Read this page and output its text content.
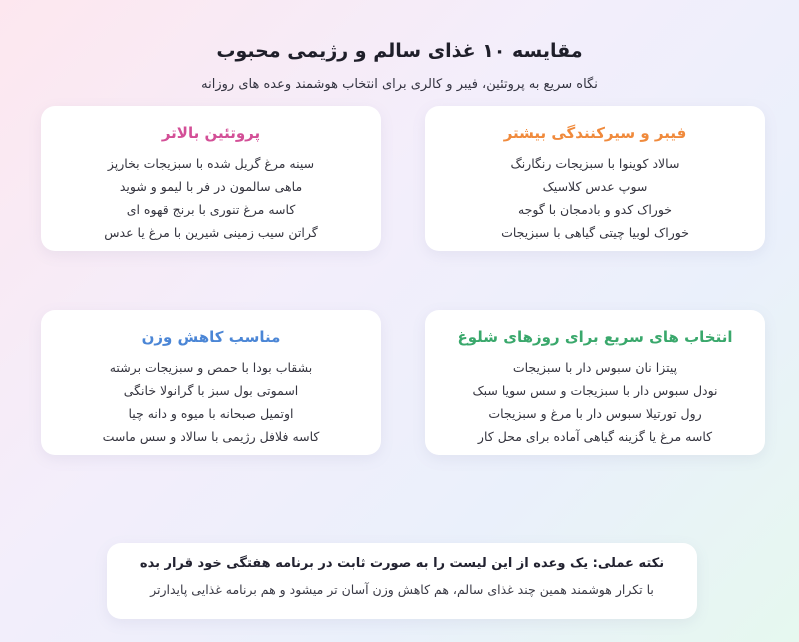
مقایسه ۱۰ غذای سالم و رژیمی محبوب
نگاه سریع به پروتئین، فیبر و کالری برای انتخاب هوشمند وعده های روزانه
فیبر و سیرکنندگی بیشتر
سالاد کوینوا با سبزیجات رنگارنگ
سوپ عدس کلاسیک
خوراک کدو و بادمجان با گوجه
خوراک لوبیا چیتی گیاهی با سبزیجات
پروتئین بالاتر
سینه مرغ گریل شده با سبزیجات بخارپز
ماهی سالمون در فر با لیمو و شوید
کاسه مرغ تنوری با برنج قهوه ای
گراتن سیب زمینی شیرین با مرغ یا عدس
انتخاب های سریع برای روزهای شلوغ
پیتزا نان سبوس دار با سبزیجات
نودل سبوس دار با سبزیجات و سس سویا سبک
رول تورتیلا سبوس دار با مرغ و سبزیجات
کاسه مرغ یا گزینه گیاهی آماده برای محل کار
مناسب کاهش وزن
بشقاب بودا با حمص و سبزیجات برشته
اسموتی بول سبز با گرانولا خانگی
اوتمیل صبحانه با میوه و دانه چیا
کاسه فلافل رژیمی با سالاد و سس ماست
نکته عملی: یک وعده از این لیست را به صورت ثابت در برنامه هفتگی خود قرار بده
با تکرار هوشمند همین چند غذای سالم، هم کاهش وزن آسان تر میشود و هم برنامه غذایی پایدارتر
